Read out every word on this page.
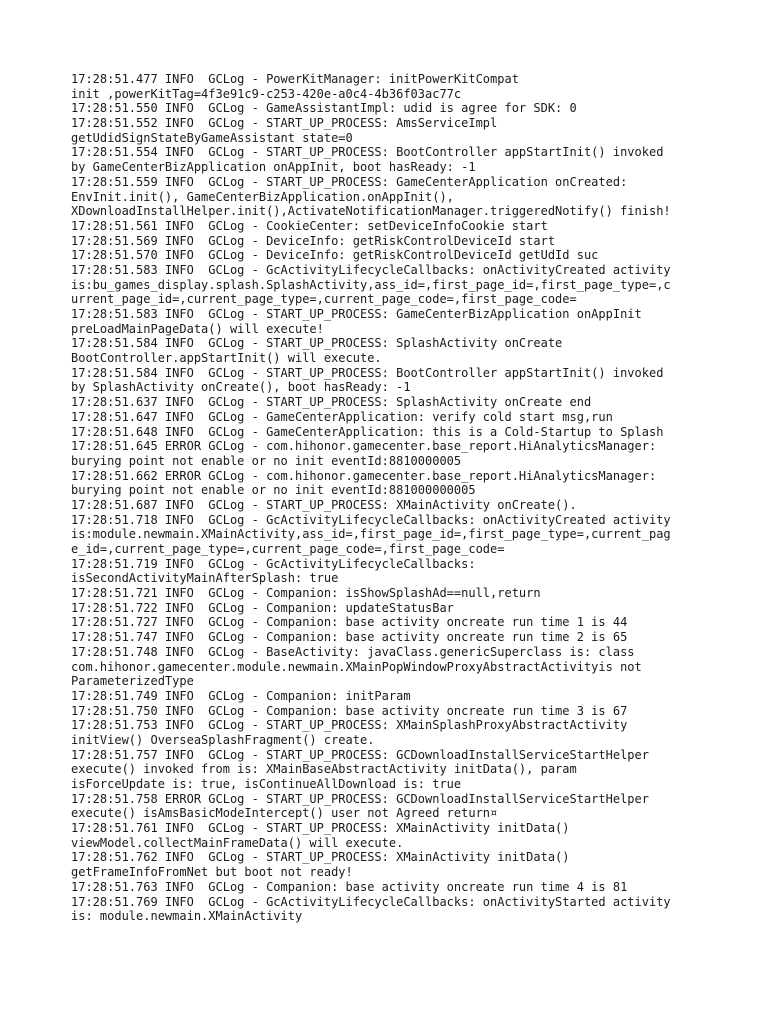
17:28:51.477 INFO  GCLog - PowerKitManager: initPowerKitCompat
init ,powerKitTag=4f3e91c9-c253-420e-a0c4-4b36f03ac77c
17:28:51.550 INFO  GCLog - GameAssistantImpl: udid is agree for SDK: 0
17:28:51.552 INFO  GCLog - START_UP_PROCESS: AmsServiceImpl
getUdidSignStateByGameAssistant state=0
17:28:51.554 INFO  GCLog - START_UP_PROCESS: BootController appStartInit() invoked
by GameCenterBizApplication onAppInit, boot hasReady: -1
17:28:51.559 INFO  GCLog - START_UP_PROCESS: GameCenterApplication onCreated:
EnvInit.init(), GameCenterBizApplication.onAppInit(),
XDownloadInstallHelper.init(),ActivateNotificationManager.triggeredNotify() finish!
17:28:51.561 INFO  GCLog - CookieCenter: setDeviceInfoCookie start
17:28:51.569 INFO  GCLog - DeviceInfo: getRiskControlDeviceId start
17:28:51.570 INFO  GCLog - DeviceInfo: getRiskControlDeviceId getUdId suc
17:28:51.583 INFO  GCLog - GcActivityLifecycleCallbacks: onActivityCreated activity
is:bu_games_display.splash.SplashActivity,ass_id=,first_page_id=,first_page_type=,c
urrent_page_id=,current_page_type=,current_page_code=,first_page_code=
17:28:51.583 INFO  GCLog - START_UP_PROCESS: GameCenterBizApplication onAppInit
preLoadMainPageData() will execute!
17:28:51.584 INFO  GCLog - START_UP_PROCESS: SplashActivity onCreate
BootController.appStartInit() will execute.
17:28:51.584 INFO  GCLog - START_UP_PROCESS: BootController appStartInit() invoked
by SplashActivity onCreate(), boot hasReady: -1
17:28:51.637 INFO  GCLog - START_UP_PROCESS: SplashActivity onCreate end
17:28:51.647 INFO  GCLog - GameCenterApplication: verify cold start msg,run
17:28:51.648 INFO  GCLog - GameCenterApplication: this is a Cold-Startup to Splash
17:28:51.645 ERROR GCLog - com.hihonor.gamecenter.base_report.HiAnalyticsManager:
burying point not enable or no init eventId:8810000005
17:28:51.662 ERROR GCLog - com.hihonor.gamecenter.base_report.HiAnalyticsManager:
burying point not enable or no init eventId:881000000005
17:28:51.687 INFO  GCLog - START_UP_PROCESS: XMainActivity onCreate().
17:28:51.718 INFO  GCLog - GcActivityLifecycleCallbacks: onActivityCreated activity
is:module.newmain.XMainActivity,ass_id=,first_page_id=,first_page_type=,current_pag
e_id=,current_page_type=,current_page_code=,first_page_code=
17:28:51.719 INFO  GCLog - GcActivityLifecycleCallbacks:
isSecondActivityMainAfterSplash: true
17:28:51.721 INFO  GCLog - Companion: isShowSplashAd==null,return
17:28:51.722 INFO  GCLog - Companion: updateStatusBar
17:28:51.727 INFO  GCLog - Companion: base activity oncreate run time 1 is 44
17:28:51.747 INFO  GCLog - Companion: base activity oncreate run time 2 is 65
17:28:51.748 INFO  GCLog - BaseActivity: javaClass.genericSuperclass is: class
com.hihonor.gamecenter.module.newmain.XMainPopWindowProxyAbstractActivityis not
ParameterizedType
17:28:51.749 INFO  GCLog - Companion: initParam
17:28:51.750 INFO  GCLog - Companion: base activity oncreate run time 3 is 67
17:28:51.753 INFO  GCLog - START_UP_PROCESS: XMainSplashProxyAbstractActivity
initView() OverseaSplashFragment() create.
17:28:51.757 INFO  GCLog - START_UP_PROCESS: GCDownloadInstallServiceStartHelper
execute() invoked from is: XMainBaseAbstractActivity initData(), param
isForceUpdate is: true, isContinueAllDownload is: true
17:28:51.758 ERROR GCLog - START_UP_PROCESS: GCDownloadInstallServiceStartHelper
execute() isAmsBasicModeIntercept() user not Agreed return¤
17:28:51.761 INFO  GCLog - START_UP_PROCESS: XMainActivity initData()
viewModel.collectMainFrameData() will execute.
17:28:51.762 INFO  GCLog - START_UP_PROCESS: XMainActivity initData()
getFrameInfoFromNet but boot not ready!
17:28:51.763 INFO  GCLog - Companion: base activity oncreate run time 4 is 81
17:28:51.769 INFO  GCLog - GcActivityLifecycleCallbacks: onActivityStarted activity
is: module.newmain.XMainActivity
